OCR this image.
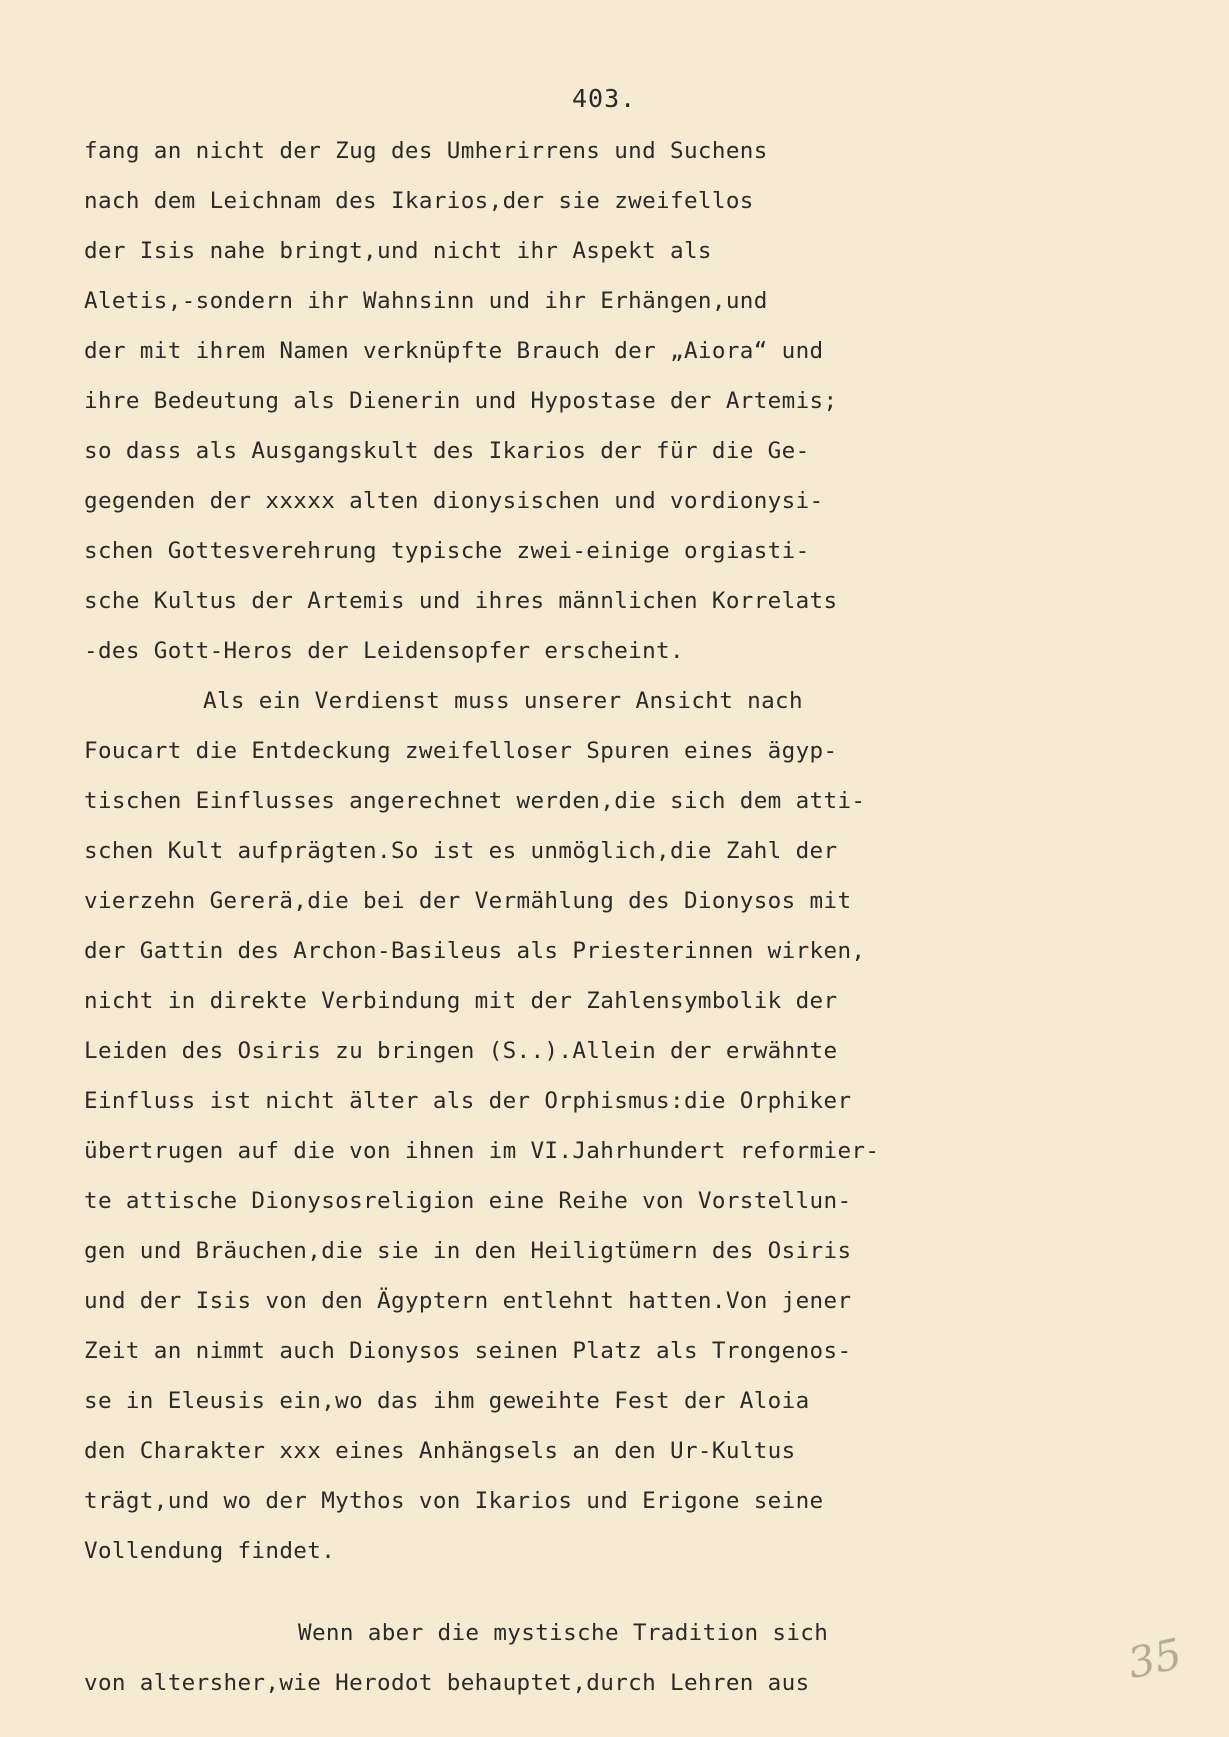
403.
fang an nicht der Zug des Umherirrens und Suchens
nach dem Leichnam des Ikarios,der sie zweifellos
der Isis nahe bringt,und nicht ihr Aspekt als
Aletis,-sondern ihr Wahnsinn und ihr Erhängen,und
der mit ihrem Namen verknüpfte Brauch der „Aiora“ und
ihre Bedeutung als Dienerin und Hypostase der Artemis;
so dass als Ausgangskult des Ikarios der für die Ge-
gegenden der xxxxx alten dionysischen und vordionysi-
schen Gottesverehrung typische zwei-einige orgiasti-
sche Kultus der Artemis und ihres männlichen Korrelats
-des Gott-Heros der Leidensopfer erscheint.
Als ein Verdienst muss unserer Ansicht nach
Foucart die Entdeckung zweifelloser Spuren eines ägyp-
tischen Einflusses angerechnet werden,die sich dem atti-
schen Kult aufprägten.So ist es unmöglich,die Zahl der
vierzehn Gererä,die bei der Vermählung des Dionysos mit
der Gattin des Archon-Basileus als Priesterinnen wirken,
nicht in direkte Verbindung mit der Zahlensymbolik der
Leiden des Osiris zu bringen (S..).Allein der erwähnte
Einfluss ist nicht älter als der Orphismus:die Orphiker
übertrugen auf die von ihnen im VI.Jahrhundert reformier-
te attische Dionysosreligion eine Reihe von Vorstellun-
gen und Bräuchen,die sie in den Heiligtümern des Osiris
und der Isis von den Ägyptern entlehnt hatten.Von jener
Zeit an nimmt auch Dionysos seinen Platz als Trongenos-
se in Eleusis ein,wo das ihm geweihte Fest der Aloia
den Charakter xxx eines Anhängsels an den Ur-Kultus
trägt,und wo der Mythos von Ikarios und Erigone seine
Vollendung findet.
Wenn aber die mystische Tradition sich
von altersher,wie Herodot behauptet,durch Lehren aus	35
